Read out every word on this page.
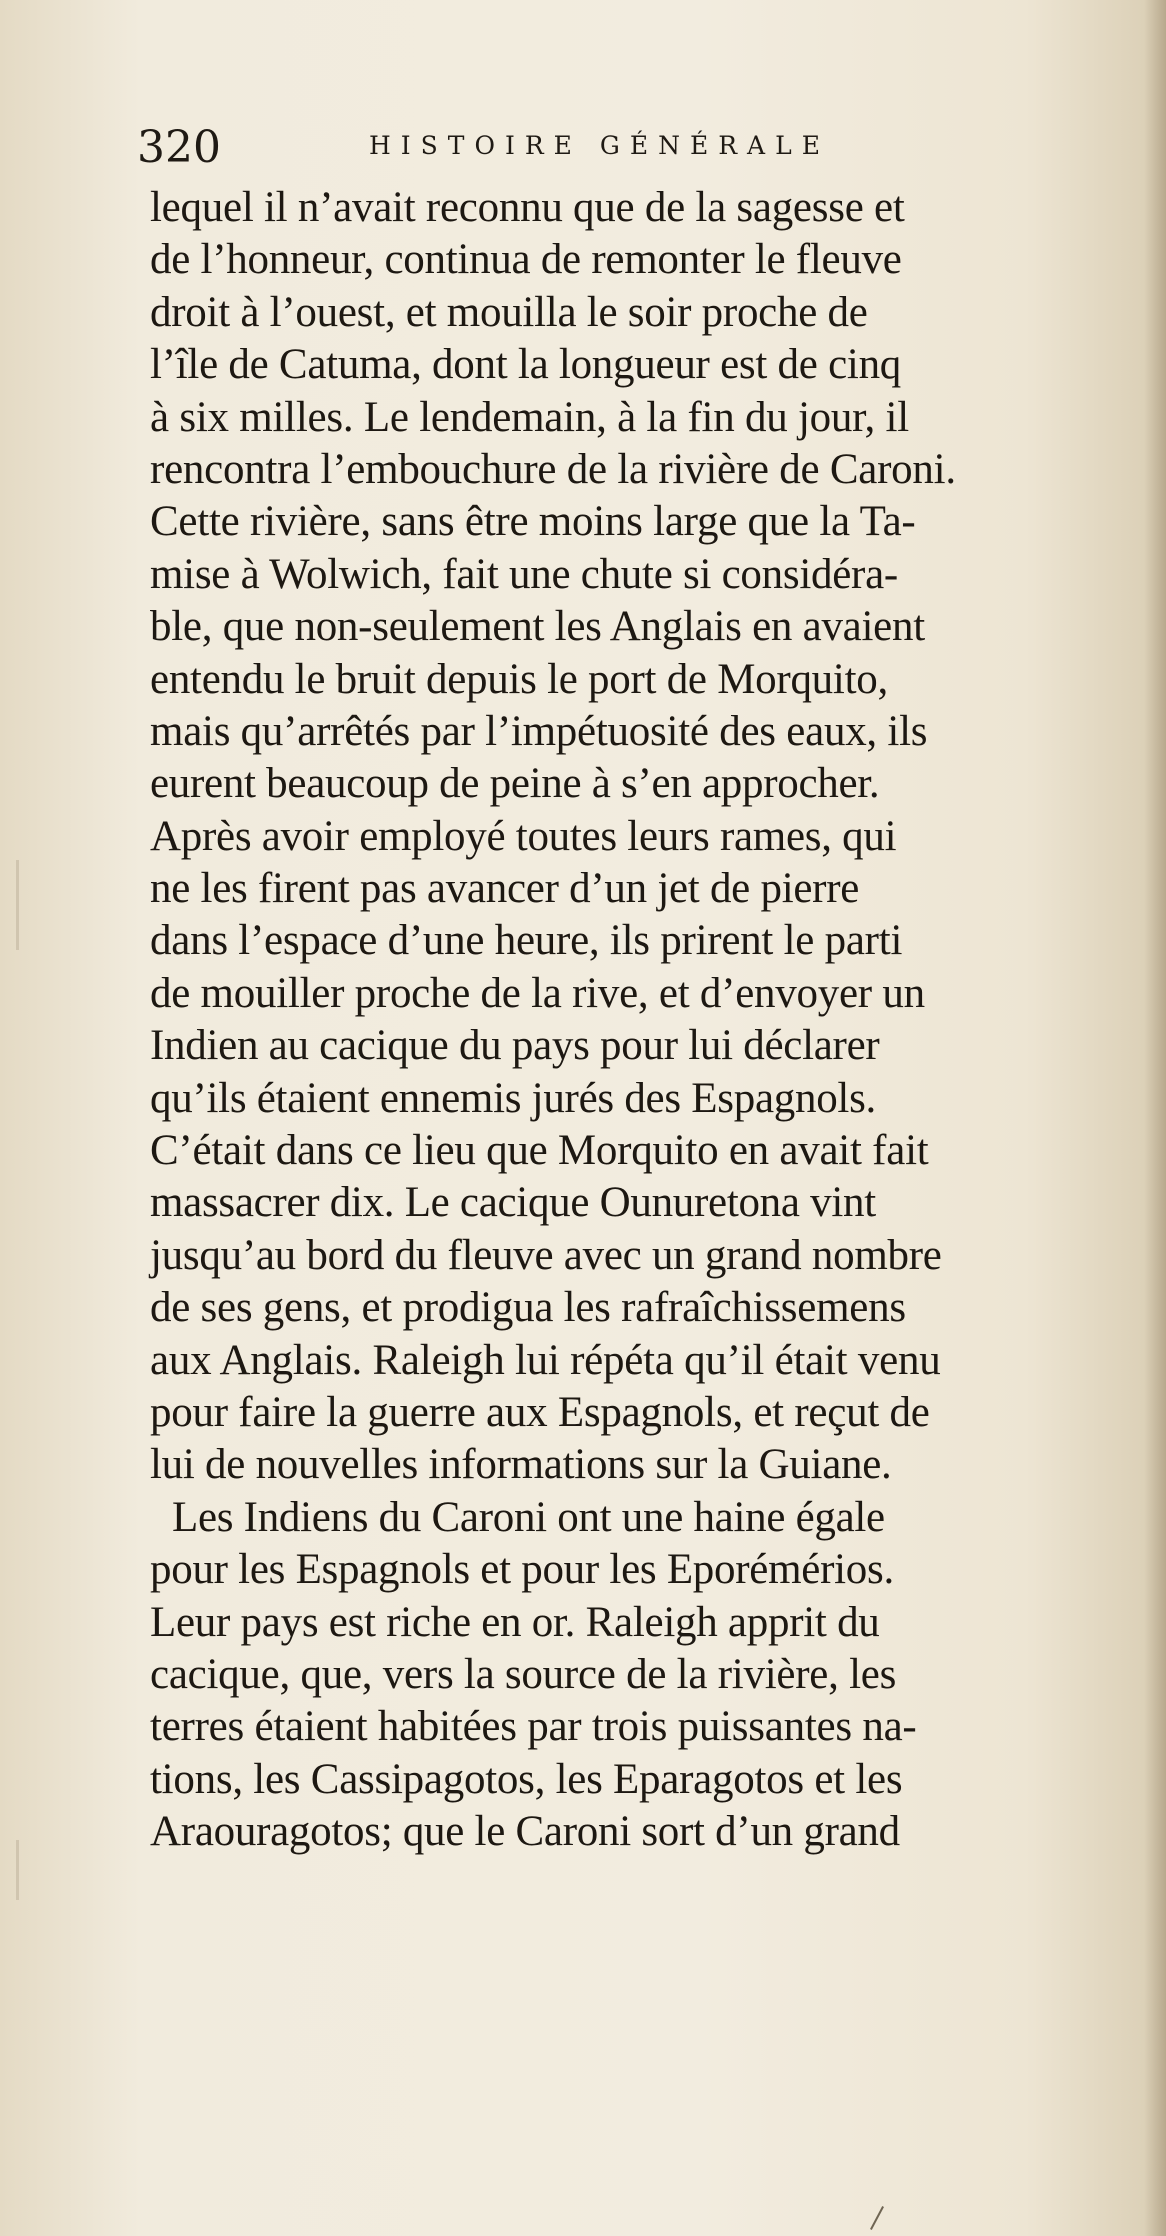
320	HISTOIRE GÉNÉRALE
lequel il n’avait reconnu que de la sagesse et
de l’honneur, continua de remonter le fleuve
droit à l’ouest, et mouilla le soir proche de
l’île de Catuma, dont la longueur est de cinq
à six milles. Le lendemain, à la fin du jour, il
rencontra l’embouchure de la rivière de Caroni.
Cette rivière, sans être moins large que la Ta-
mise à Wolwich, fait une chute si considéra-
ble, que non-seulement les Anglais en avaient
entendu le bruit depuis le port de Morquito,
mais qu’arrêtés par l’impétuosité des eaux, ils
eurent beaucoup de peine à s’en approcher.
Après avoir employé toutes leurs rames, qui
ne les firent pas avancer d’un jet de pierre
dans l’espace d’une heure, ils prirent le parti
de mouiller proche de la rive, et d’envoyer un
Indien au cacique du pays pour lui déclarer
qu’ils étaient ennemis jurés des Espagnols.
C’était dans ce lieu que Morquito en avait fait
massacrer dix. Le cacique Ounuretona vint
jusqu’au bord du fleuve avec un grand nombre
de ses gens, et prodigua les rafraîchissemens
aux Anglais. Raleigh lui répéta qu’il était venu
pour faire la guerre aux Espagnols, et reçut de
lui de nouvelles informations sur la Guiane.
Les Indiens du Caroni ont une haine égale
pour les Espagnols et pour les Eporémérios.
Leur pays est riche en or. Raleigh apprit du
cacique, que, vers la source de la rivière, les
terres étaient habitées par trois puissantes na-
tions, les Cassipagotos, les Eparagotos et les
Araouragotos; que le Caroni sort d’un grand
